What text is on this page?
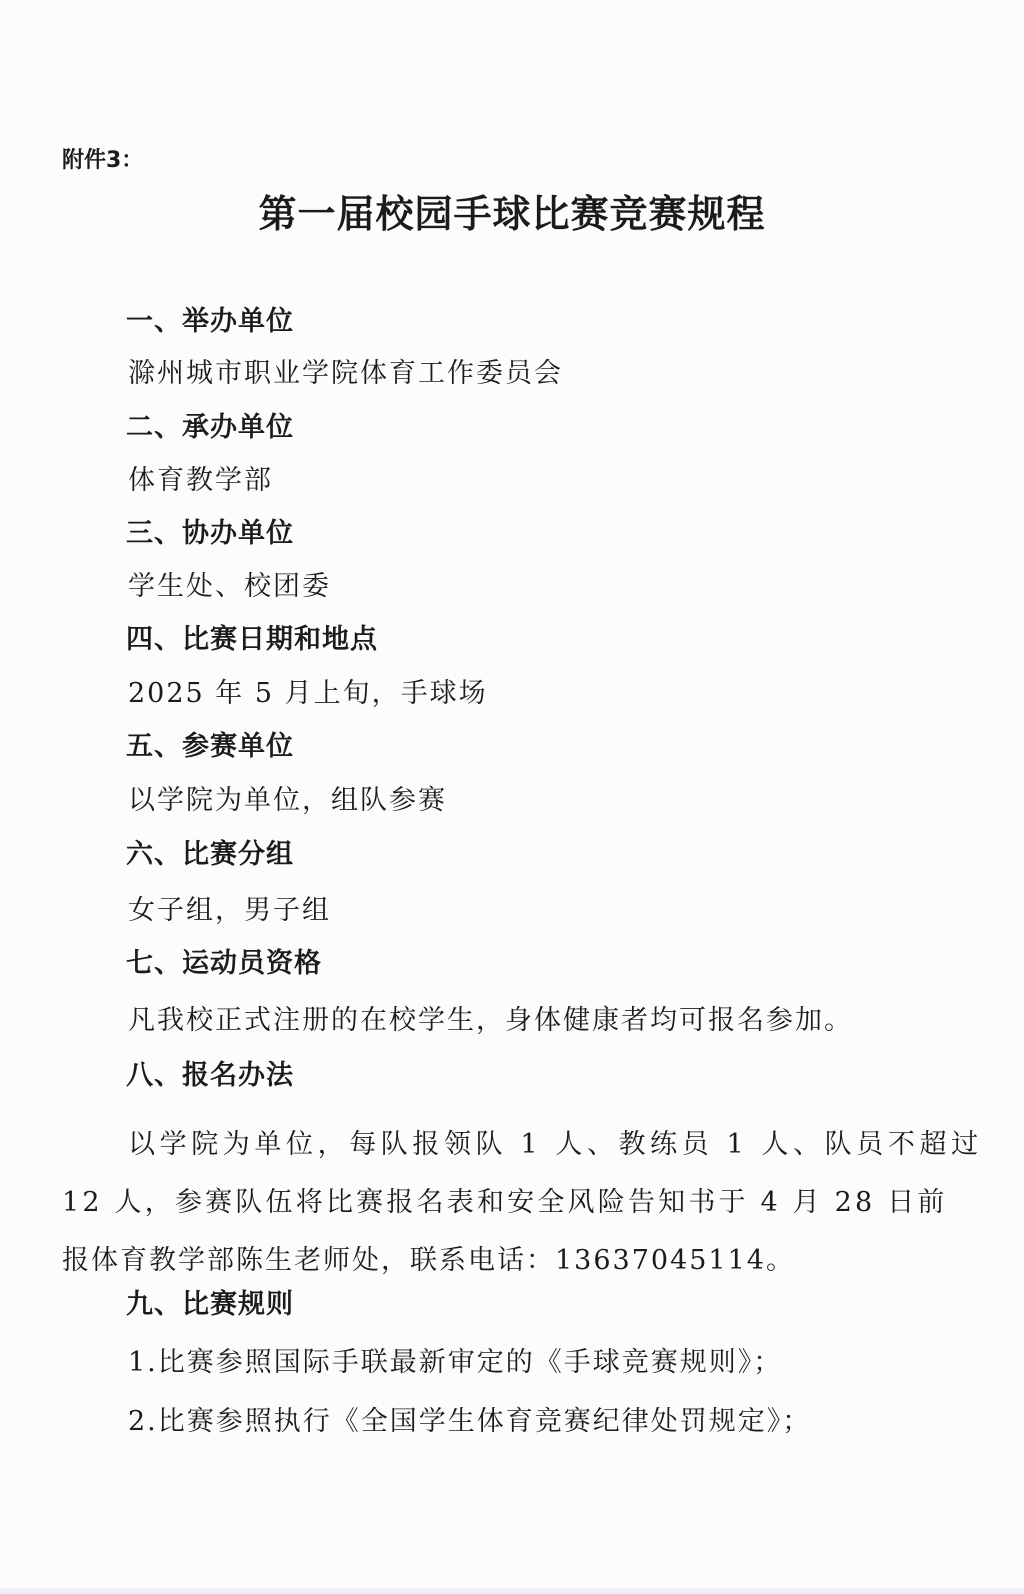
附件3：
第一届校园手球比赛竞赛规程
一、举办单位
滁州城市职业学院体育工作委员会
二、承办单位
体育教学部
三、协办单位
学生处、校团委
四、比赛日期和地点
2025 年 5 月上旬，手球场
五、参赛单位
以学院为单位，组队参赛
六、比赛分组
女子组，男子组
七、运动员资格
凡我校正式注册的在校学生，身体健康者均可报名参加。
八、报名办法
以学院为单位，每队报领队 1 人、教练员 1 人、队员不超过
12 人，参赛队伍将比赛报名表和安全风险告知书于 4 月 28 日前
报体育教学部陈生老师处，联系电话：13637045114。
九、比赛规则
1.比赛参照国际手联最新审定的《手球竞赛规则》；
2.比赛参照执行《全国学生体育竞赛纪律处罚规定》；
